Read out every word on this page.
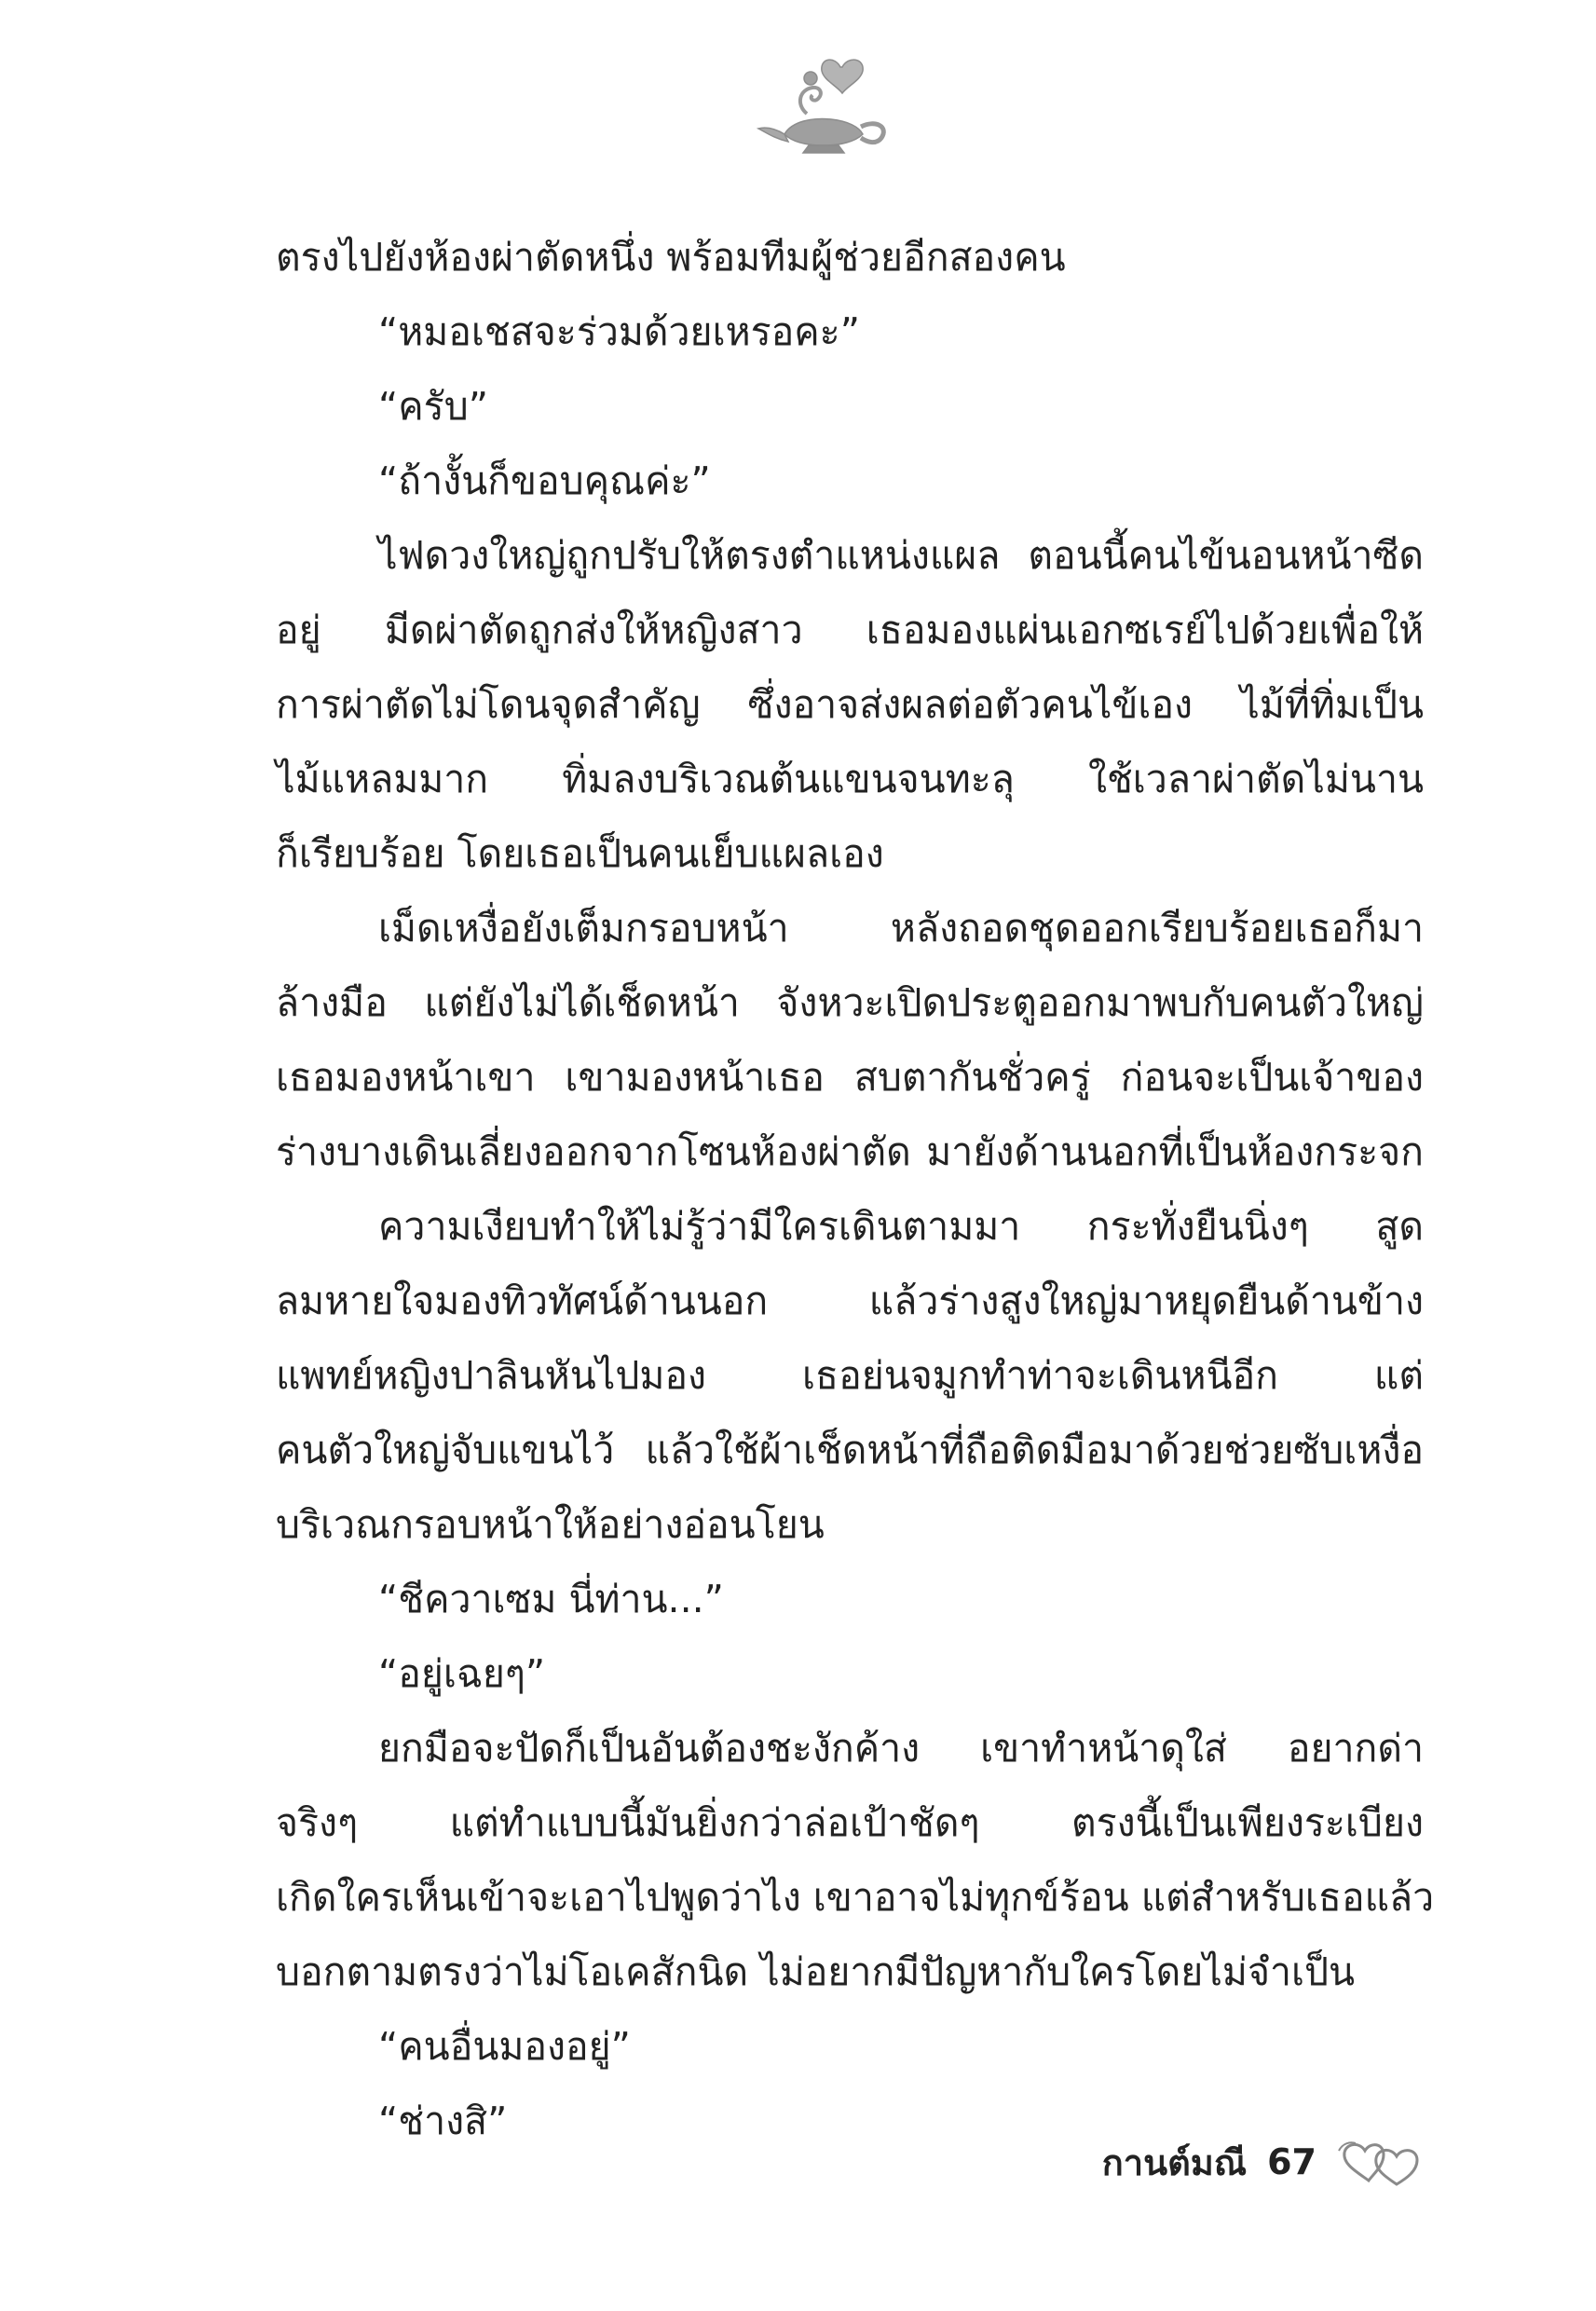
ตรงไปยังห้องผ่าตัดหนึ่ง พร้อมทีมผู้ช่วยอีกสองคน
“หมอเชสจะร่วมด้วยเหรอคะ”
“ครับ”
“ถ้างั้นก็ขอบคุณค่ะ”
ไฟดวงใหญ่ถูกปรับให้ตรงตำแหน่งแผล ตอนนี้คนไข้นอนหน้าซีด
อยู่ มีดผ่าตัดถูกส่งให้หญิงสาว เธอมองแผ่นเอกซเรย์ไปด้วยเพื่อให้
การผ่าตัดไม่โดนจุดสำคัญ ซึ่งอาจส่งผลต่อตัวคนไข้เอง ไม้ที่ทิ่มเป็น
ไม้แหลมมาก ทิ่มลงบริเวณต้นแขนจนทะลุ ใช้เวลาผ่าตัดไม่นาน
ก็เรียบร้อย โดยเธอเป็นคนเย็บแผลเอง
เม็ดเหงื่อยังเต็มกรอบหน้า หลังถอดชุดออกเรียบร้อยเธอก็มา
ล้างมือ แต่ยังไม่ได้เช็ดหน้า จังหวะเปิดประตูออกมาพบกับคนตัวใหญ่
เธอมองหน้าเขา เขามองหน้าเธอ สบตากันชั่วครู่ ก่อนจะเป็นเจ้าของ
ร่างบางเดินเลี่ยงออกจากโซนห้องผ่าตัด มายังด้านนอกที่เป็นห้องกระจก
ความเงียบทำให้ไม่รู้ว่ามีใครเดินตามมา กระทั่งยืนนิ่งๆ สูด
ลมหายใจมองทิวทัศน์ด้านนอก แล้วร่างสูงใหญ่มาหยุดยืนด้านข้าง
แพทย์หญิงปาลินหันไปมอง เธอย่นจมูกทำท่าจะเดินหนีอีก แต่
คนตัวใหญ่จับแขนไว้ แล้วใช้ผ้าเช็ดหน้าที่ถือติดมือมาด้วยช่วยซับเหงื่อ
บริเวณกรอบหน้าให้อย่างอ่อนโยน
“ชีควาเซม นี่ท่าน...”
“อยู่เฉยๆ”
ยกมือจะปัดก็เป็นอันต้องชะงักค้าง เขาทำหน้าดุใส่ อยากด่า
จริงๆ แต่ทำแบบนี้มันยิ่งกว่าล่อเป้าชัดๆ ตรงนี้เป็นเพียงระเบียง
เกิดใครเห็นเข้าจะเอาไปพูดว่าไง เขาอาจไม่ทุกข์ร้อน แต่สำหรับเธอแล้ว
บอกตามตรงว่าไม่โอเคสักนิด ไม่อยากมีปัญหากับใครโดยไม่จำเป็น
“คนอื่นมองอยู่”
“ช่างสิ”
กานต์มณี 67
